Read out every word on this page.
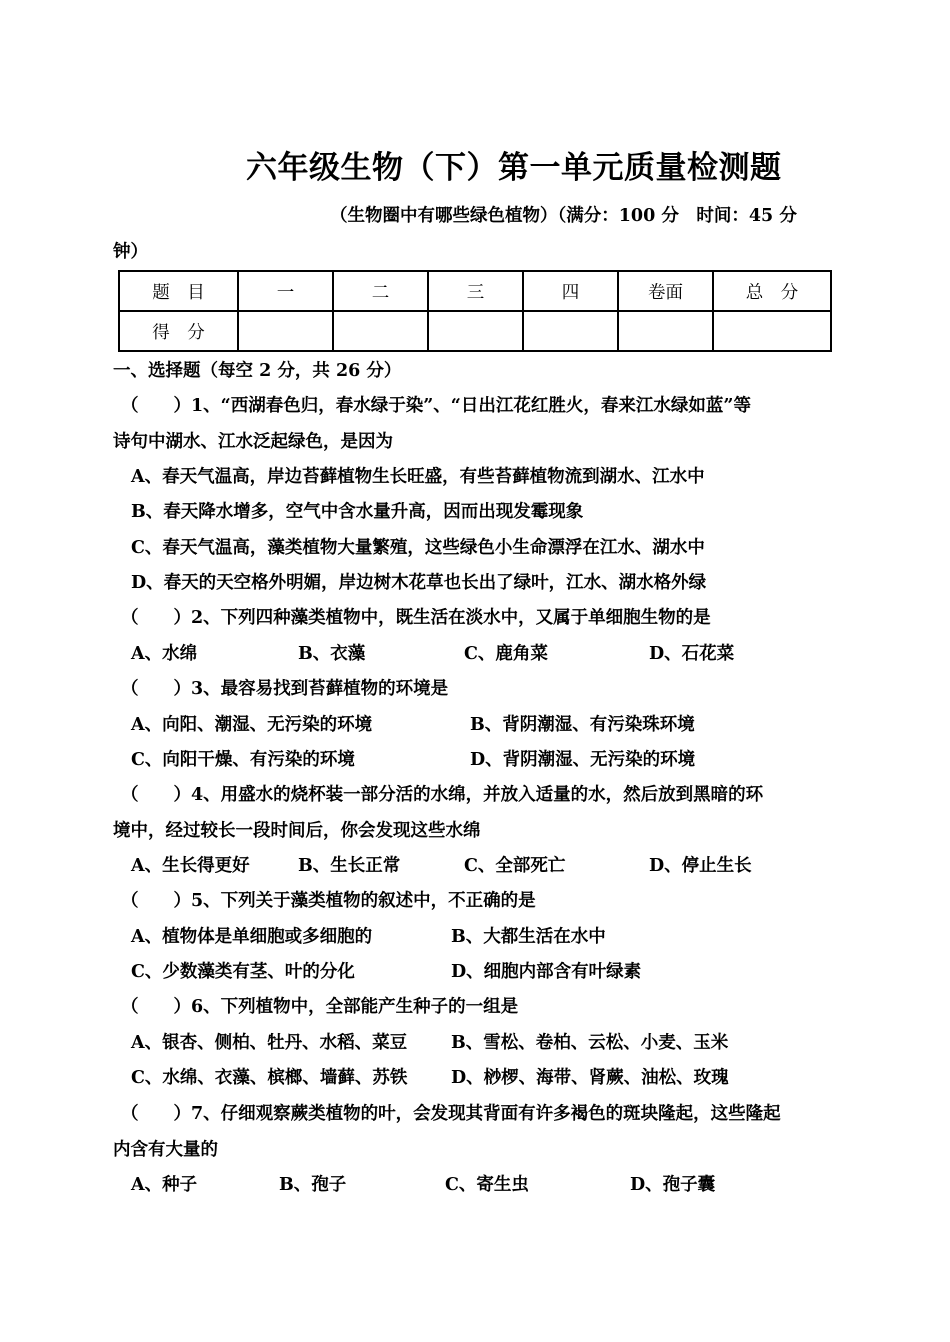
六年级生物（下）第一单元质量检测题
（生物圈中有哪些绿色植物）（满分：100 分　时间：45 分
钟）
题　目	一	二	三	四	卷面	总　分
得　分						
一、选择题（每空 2 分，共 26 分）
（　　）1、“西湖春色归，春水绿于染”、“日出江花红胜火，春来江水绿如蓝”等
诗句中湖水、江水泛起绿色，是因为
A、春天气温高，岸边苔藓植物生长旺盛，有些苔藓植物流到湖水、江水中
B、春天降水增多，空气中含水量升高，因而出现发霉现象
C、春天气温高，藻类植物大量繁殖，这些绿色小生命漂浮在江水、湖水中
D、春天的天空格外明媚，岸边树木花草也长出了绿叶，江水、湖水格外绿
（　　）2、下列四种藻类植物中，既生活在淡水中，又属于单细胞生物的是
A、水绵	B、衣藻	C、鹿角菜	D、石花菜
（　　）3、最容易找到苔藓植物的环境是
A、向阳、潮湿、无污染的环境	B、背阴潮湿、有污染珠环境
C、向阳干燥、有污染的环境	D、背阴潮湿、无污染的环境
（　　）4、用盛水的烧杯装一部分活的水绵，并放入适量的水，然后放到黑暗的环
境中，经过较长一段时间后，你会发现这些水绵
A、生长得更好	B、生长正常	C、全部死亡	D、停止生长
（　　）5、下列关于藻类植物的叙述中，不正确的是
A、植物体是单细胞或多细胞的	B、大都生活在水中
C、少数藻类有茎、叶的分化	D、细胞内部含有叶绿素
（　　）6、下列植物中，全部能产生种子的一组是
A、银杏、侧柏、牡丹、水稻、菜豆	B、雪松、卷柏、云松、小麦、玉米
C、水绵、衣藻、槟榔、墙藓、苏铁 D、桫椤、海带、肾蕨、油松、玫瑰
（　　）7、仔细观察蕨类植物的叶，会发现其背面有许多褐色的斑块隆起，这些隆起
内含有大量的
A、种子	B、孢子	C、寄生虫	D、孢子囊
